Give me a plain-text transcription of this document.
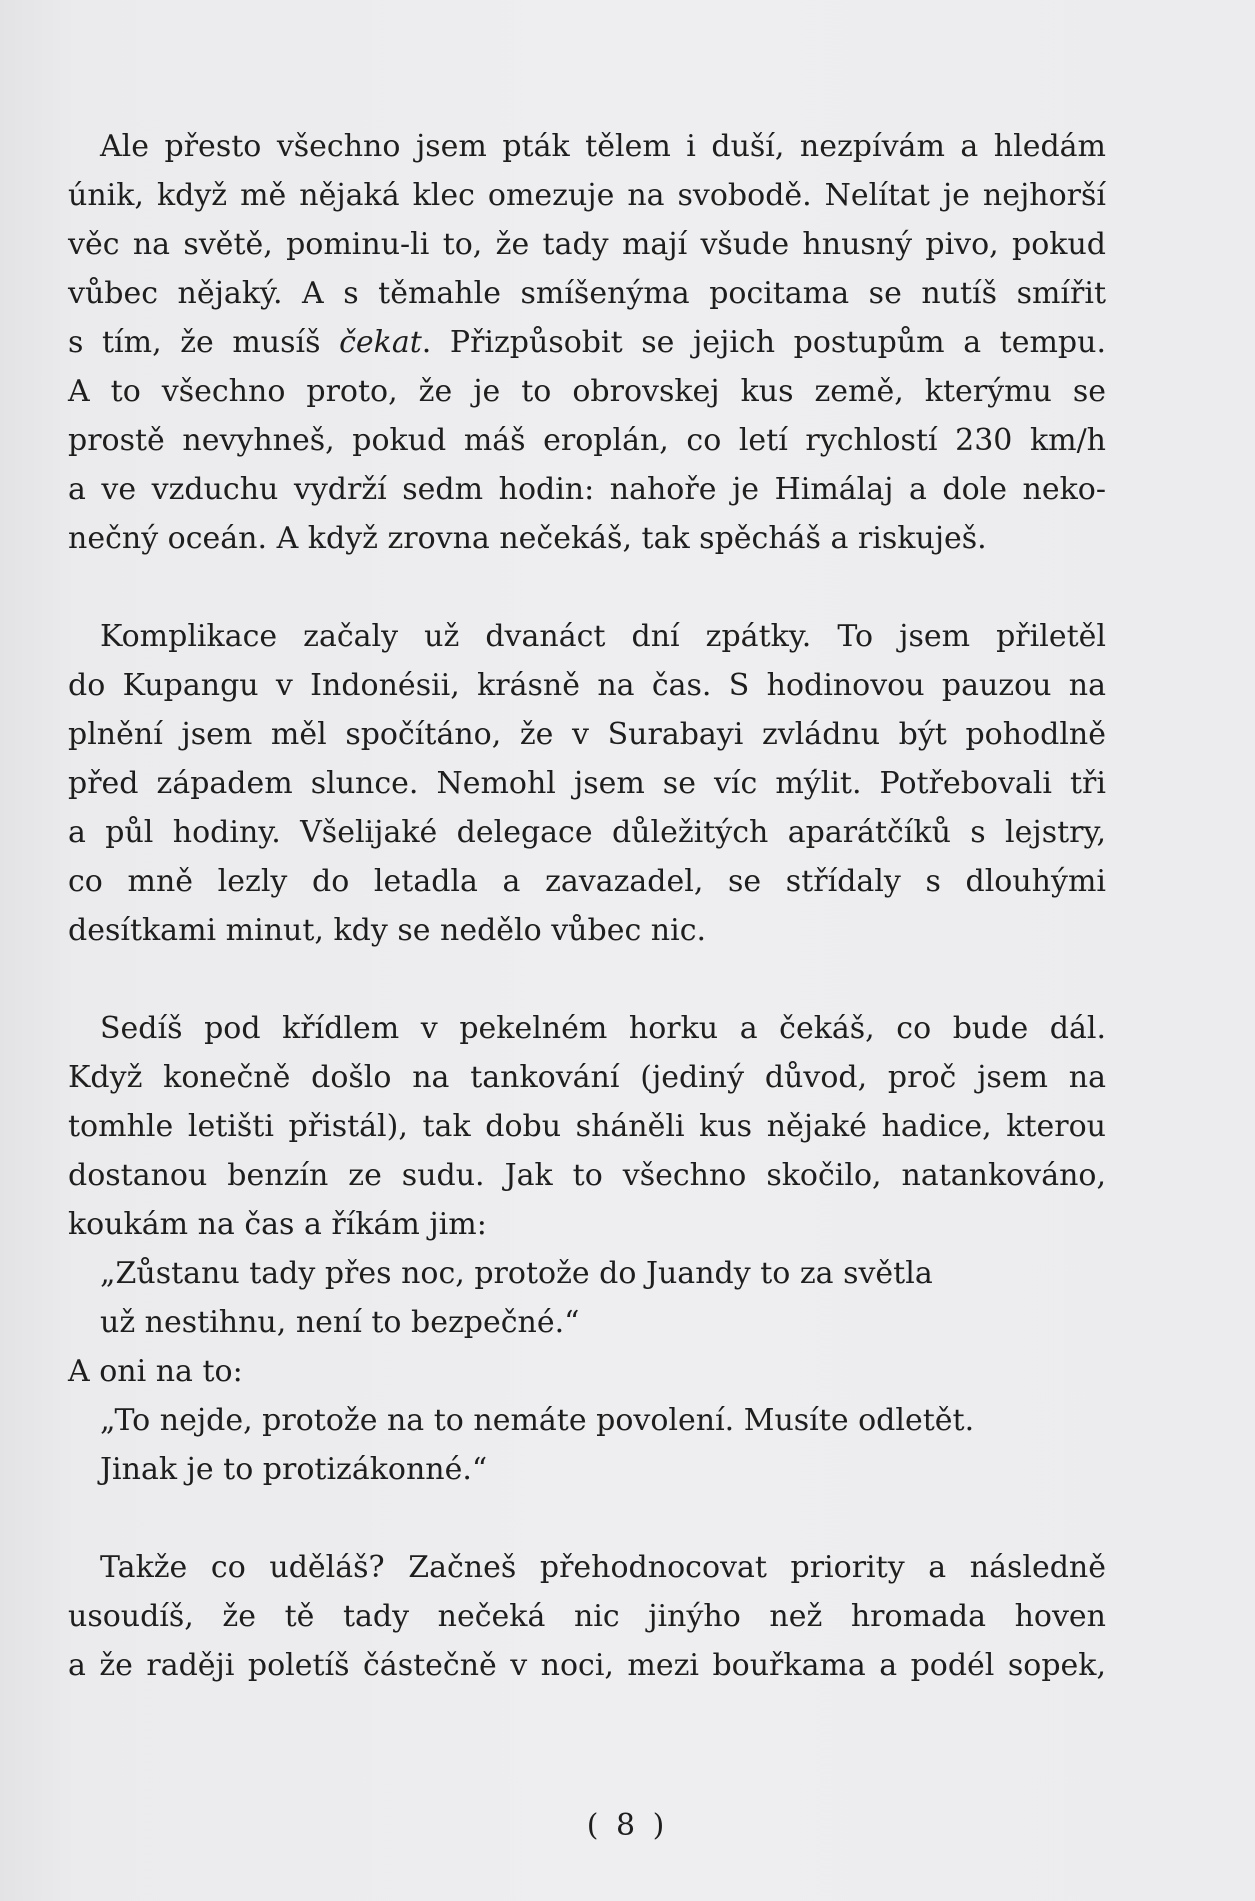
Ale přesto všechno jsem pták tělem i duší, nezpívám a hledám
únik, když mě nějaká klec omezuje na svobodě. Nelítat je nejhorší
věc na světě, pominu-li to, že tady mají všude hnusný pivo, pokud
vůbec nějaký. A s těmahle smíšenýma pocitama se nutíš smířit
s tím, že musíš čekat. Přizpůsobit se jejich postupům a tempu.
A to všechno proto, že je to obrovskej kus země, kterýmu se
prostě nevyhneš, pokud máš eroplán, co letí rychlostí 230 km/h
a ve vzduchu vydrží sedm hodin: nahoře je Himálaj a dole neko-
nečný oceán. A když zrovna nečekáš, tak spěcháš a riskuješ.

Komplikace začaly už dvanáct dní zpátky. To jsem přiletěl
do Kupangu v Indonésii, krásně na čas. S hodinovou pauzou na
plnění jsem měl spočítáno, že v Surabayi zvládnu být pohodlně
před západem slunce. Nemohl jsem se víc mýlit. Potřebovali tři
a půl hodiny. Všelijaké delegace důležitých aparátčíků s lejstry,
co mně lezly do letadla a zavazadel, se střídaly s dlouhými
desítkami minut, kdy se nedělo vůbec nic.

Sedíš pod křídlem v pekelném horku a čekáš, co bude dál.
Když konečně došlo na tankování (jediný důvod, proč jsem na
tomhle letišti přistál), tak dobu sháněli kus nějaké hadice, kterou
dostanou benzín ze sudu. Jak to všechno skočilo, natankováno,
koukám na čas a říkám jim:
„Zůstanu tady přes noc, protože do Juandy to za světla
už nestihnu, není to bezpečné.“
A oni na to:
„To nejde, protože na to nemáte povolení. Musíte odletět.
Jinak je to protizákonné.“

Takže co uděláš? Začneš přehodnocovat priority a následně
usoudíš, že tě tady nečeká nic jinýho než hromada hoven
a že raději poletíš částečně v noci, mezi bouřkama a podél sopek,

( 8 )
